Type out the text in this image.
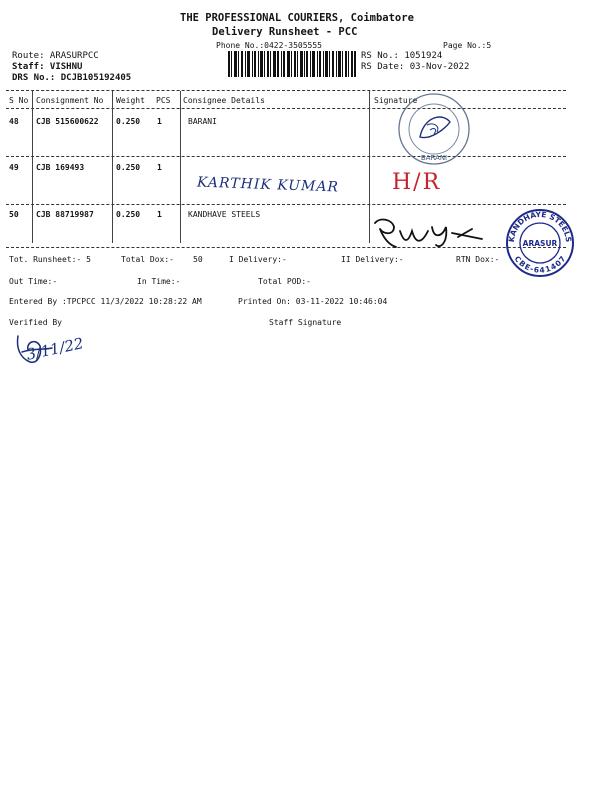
THE PROFESSIONAL COURIERS, Coimbatore
Delivery Runsheet - PCC
Phone No.:0422-3505555	Page No.:5
Route: ARASURPCC
Staff: VISHNU
DRS No.: DCJB105192405
RS No.: 1051924
RS Date: 03-Nov-2022
S No Consignment No Weight PCS Consignee Details	Signature
48 CJB 515600622 0.250 1	BARANI
49 CJB 169493	0.250 1
50 CJB 88719987	0.250 1	KANDHAVE STEELS
KARTHIK KUMAR H/R
BARANI
KANDHAYE STEELS
ARASUR
CBE-641407
Tot. Runsheet:- 5	Total Dox:- 50	I Delivery:-	II Delivery:-	RTN Dox:-
Out Time:-	In Time:-	Total POD:-
Entered By :TPCPCC 11/3/2022 10:28:22 AM	Printed On: 03-11-2022 10:46:04
Verified By	Staff Signature
3/11/22
